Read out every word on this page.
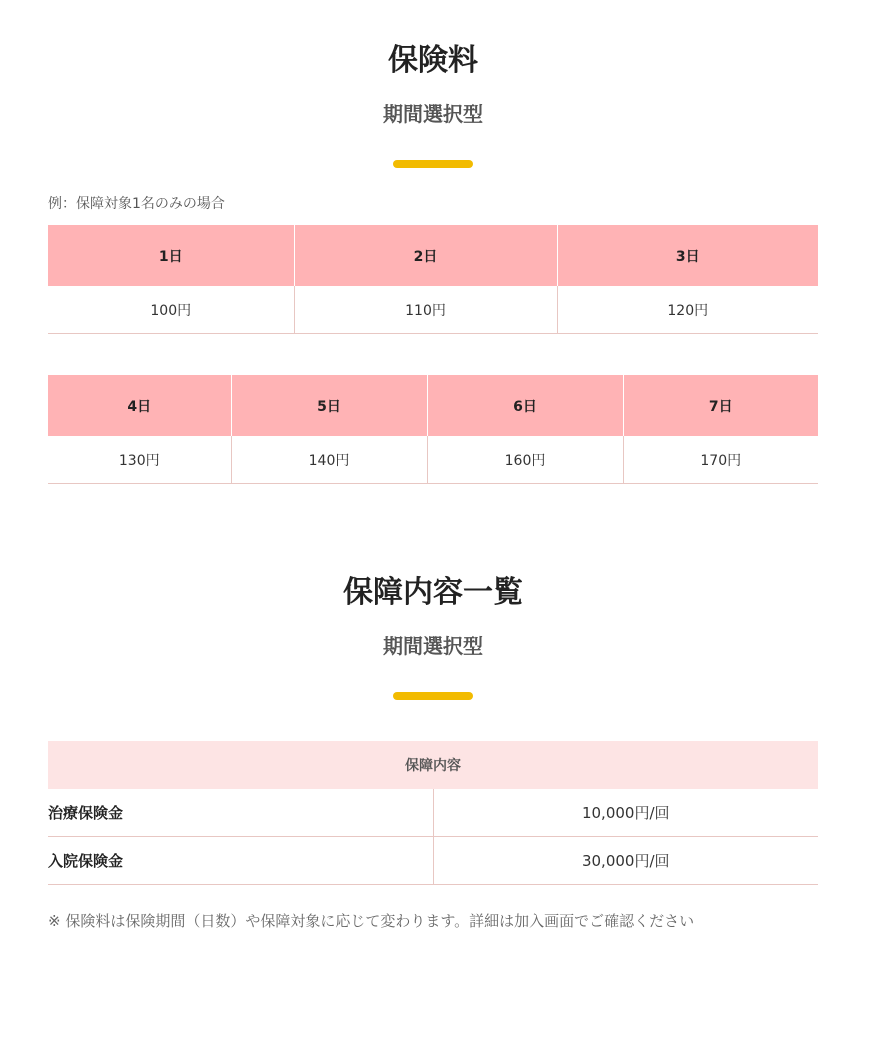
保険料
期間選択型
例：保障対象1名のみの場合
1日	2日	3日
100円	110円	120円
4日	5日	6日	7日
130円	140円	160円	170円
保障内容一覧
期間選択型
保障内容	
治療保険金	10,000円/回
入院保険金	30,000円/回
※ 保険料は保険期間（日数）や保障対象に応じて変わります。詳細は加入画面でご確認ください
